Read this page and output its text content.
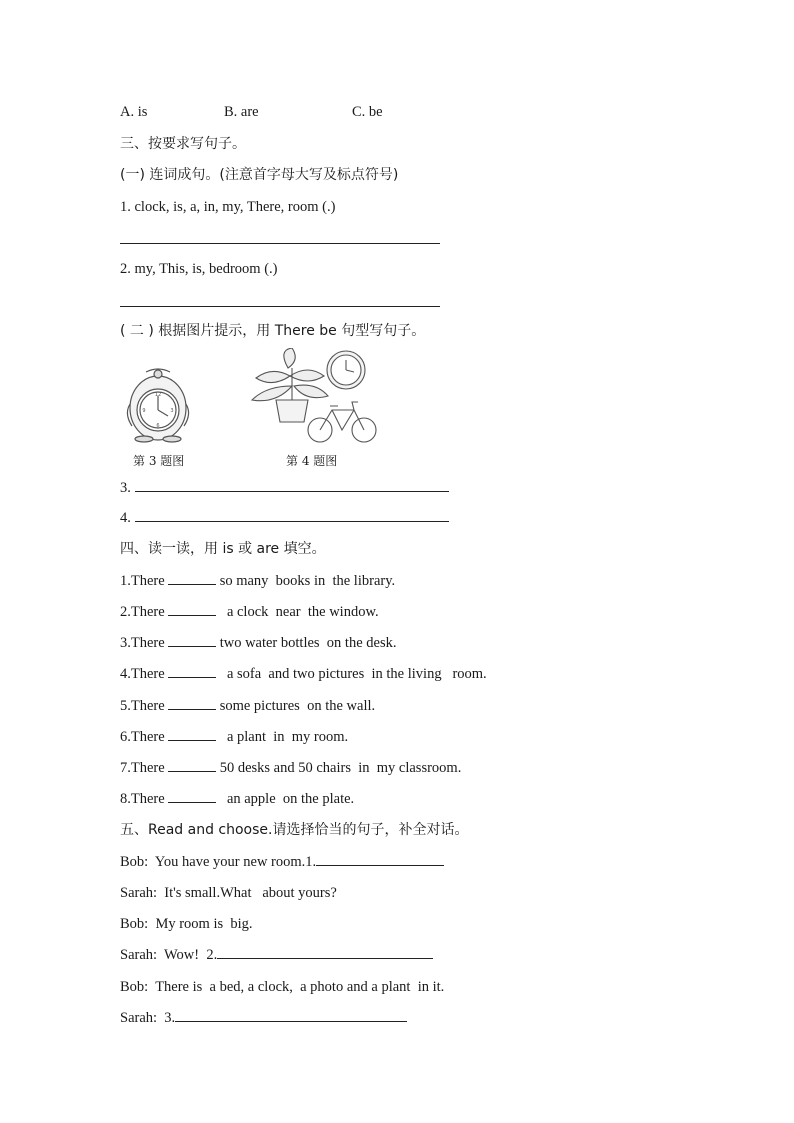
A. is	B. are	C. be
三、按要求写句子。
(一) 连词成句。(注意首字母大写及标点符号)
1. clock, is, a, in, my, There, room (.)
2. my, This, is, bedroom (.)
( 二 ) 根据图片提示，用 There be 句型写句子。
12
3
6
9
第 3 题图	第 4 题图
3.
4.
四、读一读，用 is 或 are 填空。
1.There	so many  books in  the library.
2.There	a clock  near  the window.
3.There	two water bottles  on the desk.
4.There	a sofa  and two pictures  in the living   room.
5.There	some pictures  on the wall.
6.There	a plant  in  my room.
7.There	50 desks and 50 chairs  in  my classroom.
8.There	an apple  on the plate.
五、Read and choose.请选择恰当的句子，补全对话。
Bob:  You have your new room.1.
Sarah:  It's small.What   about yours?
Bob:  My room is  big.
Sarah:  Wow!  2.
Bob:  There is  a bed, a clock,  a photo and a plant  in it.
Sarah:  3.
